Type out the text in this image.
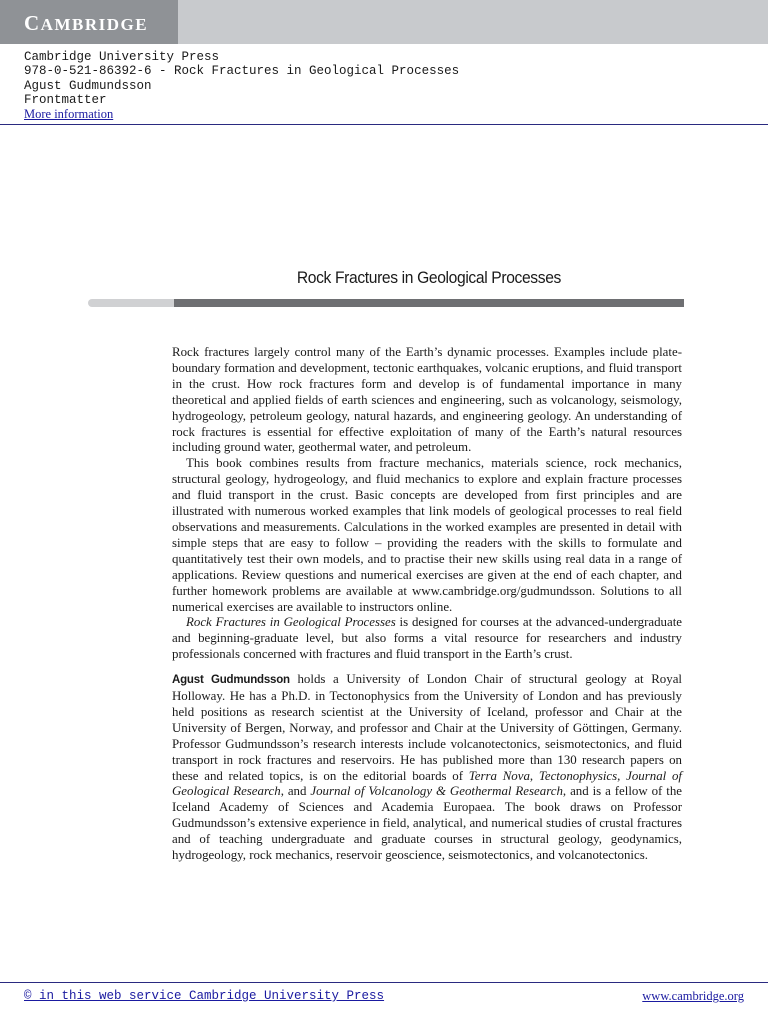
CAMBRIDGE
Cambridge University Press
978-0-521-86392-6 - Rock Fractures in Geological Processes
Agust Gudmundsson
Frontmatter
More information
Rock Fractures in Geological Processes

Rock fractures largely control many of the Earth’s dynamic processes. Examples include plate-boundary formation and development, tectonic earthquakes, volcanic eruptions, and fluid transport in the crust. How rock fractures form and develop is of fundamental importance in many theoretical and applied fields of earth sciences and engineering, such as volcanology, seismology, hydrogeology, petroleum geology, natural hazards, and engineering geology. An understanding of rock fractures is essential for effective exploitation of many of the Earth’s natural resources including ground water, geothermal water, and petroleum.

This book combines results from fracture mechanics, materials science, rock mechanics, structural geology, hydrogeology, and fluid mechanics to explore and explain fracture processes and fluid transport in the crust. Basic concepts are developed from first principles and are illustrated with numerous worked examples that link models of geological processes to real field observations and measurements. Calculations in the worked examples are presented in detail with simple steps that are easy to follow – providing the readers with the skills to formulate and quantitatively test their own models, and to practise their new skills using real data in a range of applications. Review questions and numerical exercises are given at the end of each chapter, and further homework problems are available at www.cambridge.org/gudmundsson. Solutions to all numerical exercises are available to instructors online.

Rock Fractures in Geological Processes is designed for courses at the advanced-undergraduate and beginning-graduate level, but also forms a vital resource for researchers and industry professionals concerned with fractures and fluid transport in the Earth’s crust.

Agust Gudmundsson holds a University of London Chair of structural geology at Royal Holloway. He has a Ph.D. in Tectonophysics from the University of London and has previously held positions as research scientist at the University of Iceland, professor and Chair at the University of Bergen, Norway, and professor and Chair at the University of Göttingen, Germany. Professor Gudmundsson’s research interests include volcanotectonics, seismotectonics, and fluid transport in rock fractures and reservoirs. He has published more than 130 research papers on these and related topics, is on the editorial boards of Terra Nova, Tectonophysics, Journal of Geological Research, and Journal of Volcanology & Geothermal Research, and is a fellow of the Iceland Academy of Sciences and Academia Europaea. The book draws on Professor Gudmundsson’s extensive experience in field, analytical, and numerical studies of crustal fractures and of teaching undergraduate and graduate courses in structural geology, geodynamics, hydrogeology, rock mechanics, reservoir geoscience, seismotectonics, and volcanotectonics.

© in this web service Cambridge University Press	www.cambridge.org
